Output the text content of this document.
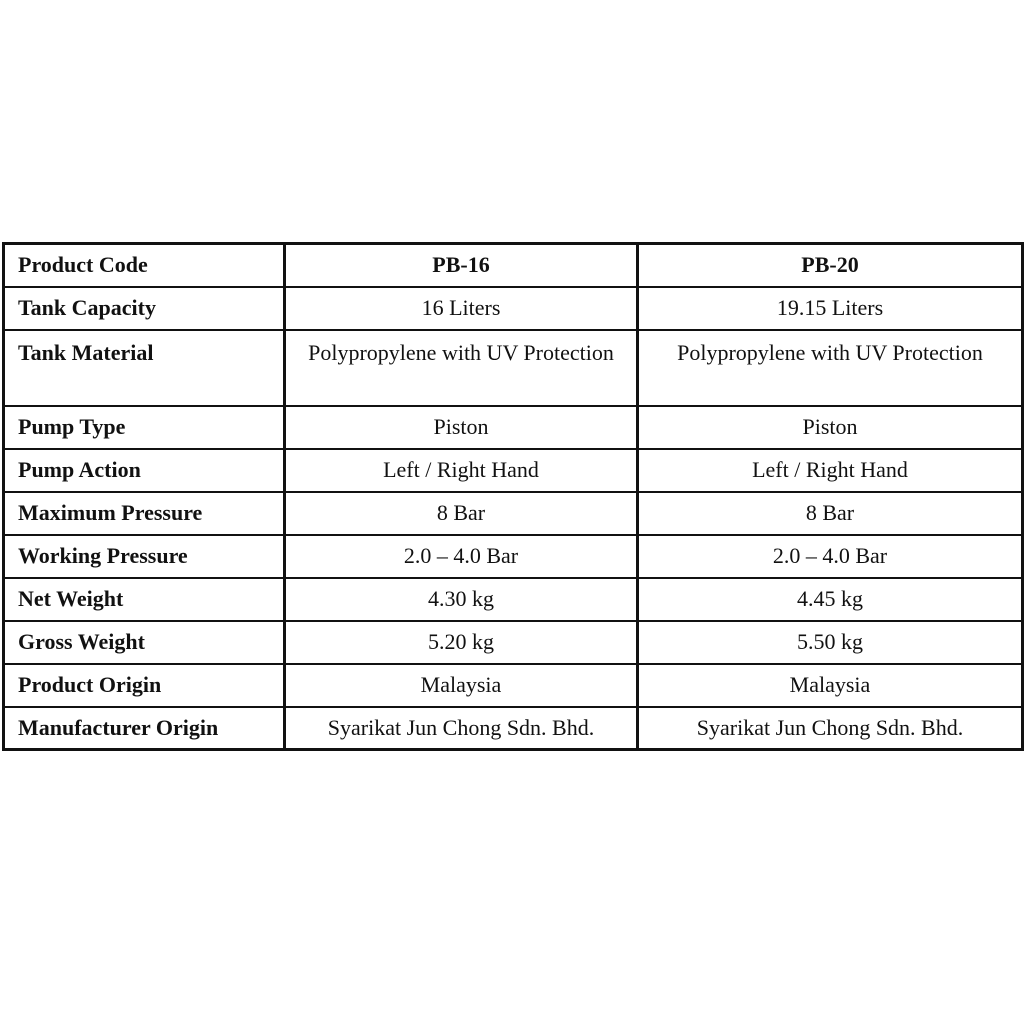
Product Code	PB-16	PB-20
Tank Capacity	16 Liters	19.15 Liters
Tank Material	Polypropylene with UV Protection	Polypropylene with UV Protection
Pump Type	Piston	Piston
Pump Action	Left / Right Hand	Left / Right Hand
Maximum Pressure	8 Bar	8 Bar
Working Pressure	2.0 – 4.0 Bar	2.0 – 4.0 Bar
Net Weight	4.30 kg	4.45 kg
Gross Weight	5.20 kg	5.50 kg
Product Origin	Malaysia	Malaysia
Manufacturer Origin	Syarikat Jun Chong Sdn. Bhd.	Syarikat Jun Chong Sdn. Bhd.
